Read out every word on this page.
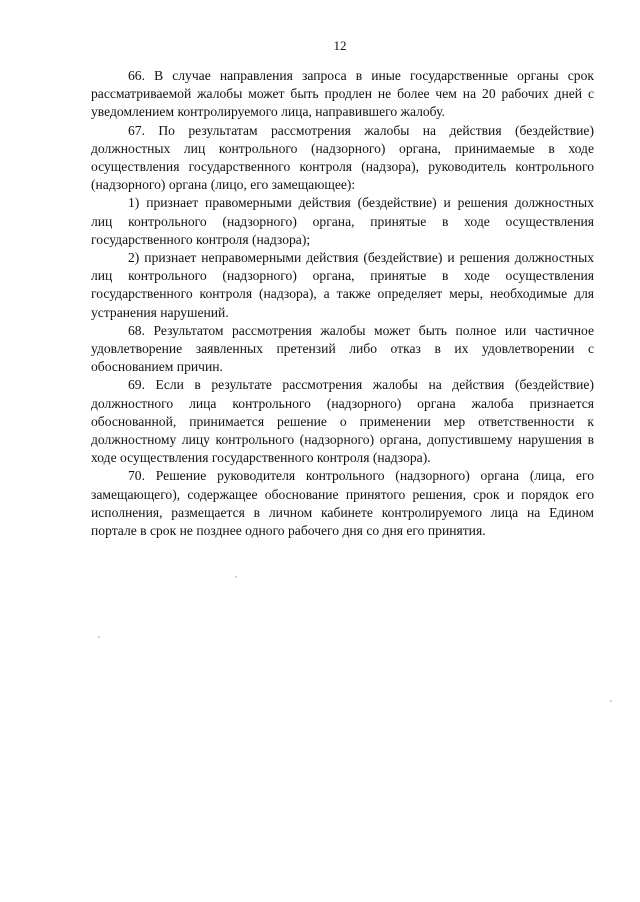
12

66. В случае направления запроса в иные государственные органы срок рассматриваемой жалобы может быть продлен не более чем на 20 рабочих дней с уведомлением контролируемого лица, направившего жалобу.

67. По результатам рассмотрения жалобы на действия (бездействие) должностных лиц контрольного (надзорного) органа, принимаемые в ходе осуществления государственного контроля (надзора), руководитель контрольного (надзорного) органа (лицо, его замещающее):

1) признает правомерными действия (бездействие) и решения должностных лиц контрольного (надзорного) органа, принятые в ходе осуществления государственного контроля (надзора);

2) признает неправомерными действия (бездействие) и решения должностных лиц контрольного (надзорного) органа, принятые в ходе осуществления государственного контроля (надзора), а также определяет меры, необходимые для устранения нарушений.

68. Результатом рассмотрения жалобы может быть полное или частичное удовлетворение заявленных претензий либо отказ в их удовлетворении с обоснованием причин.

69. Если в результате рассмотрения жалобы на действия (бездействие) должностного лица контрольного (надзорного) органа жалоба признается обоснованной, принимается решение о применении мер ответственности к должностному лицу контрольного (надзорного) органа, допустившему нарушения в ходе осуществления государственного контроля (надзора).

70. Решение руководителя контрольного (надзорного) органа (лица, его замещающего), содержащее обоснование принятого решения, срок и порядок его исполнения, размещается в личном кабинете контролируемого лица на Едином портале в срок не позднее одного рабочего дня со дня его принятия.
